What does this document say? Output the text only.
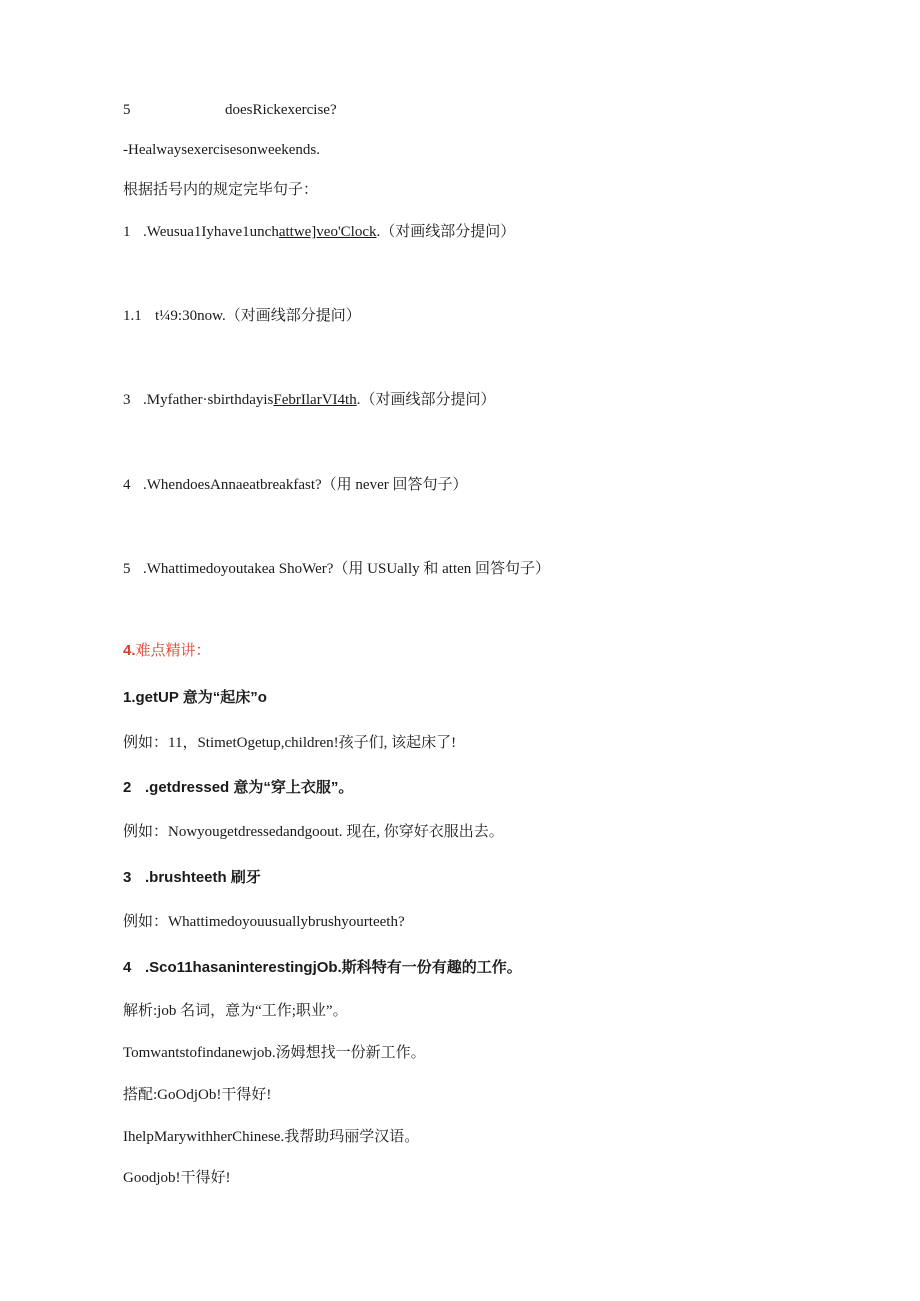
5	doesRickexercise?
-Healwaysexercisesonweekends.
根据括号内的规定完毕句子：
1 .Weusua1Iyhave1unchattwe]veo'Clock.（对画线部分提问）
1.1 t¼9:30now.（对画线部分提问）
3 .Myfather·sbirthdayisFebrIlarVI4th.（对画线部分提问）
4 .WhendoesAnnaeatbreakfast?（用 never 回答句子）
5 .Whattimedoyoutakea ShoWer?（用 USUally 和 atten 回答句子）
4.难点精讲：
1.getUP 意为“起床”o
例如：11，StimetOgetup,children!孩子们, 该起床了!
2 .getdressed 意为“穿上衣服”。
例如：Nowyougetdressedandgoout. 现在, 你穿好衣服出去。
3 .brushteeth 刷牙
例如：Whattimedoyouusuallybrushyourteeth?
4 .Sco11hasaninterestingjOb.斯科特有一份有趣的工作。
解析:job 名词，意为“工作;职业”。
Tomwantstofindanewjob.汤姆想找一份新工作。
搭配:GoOdjOb!干得好!
IhelpMarywithherChinese.我帮助玛丽学汉语。
Goodjob!干得好!
